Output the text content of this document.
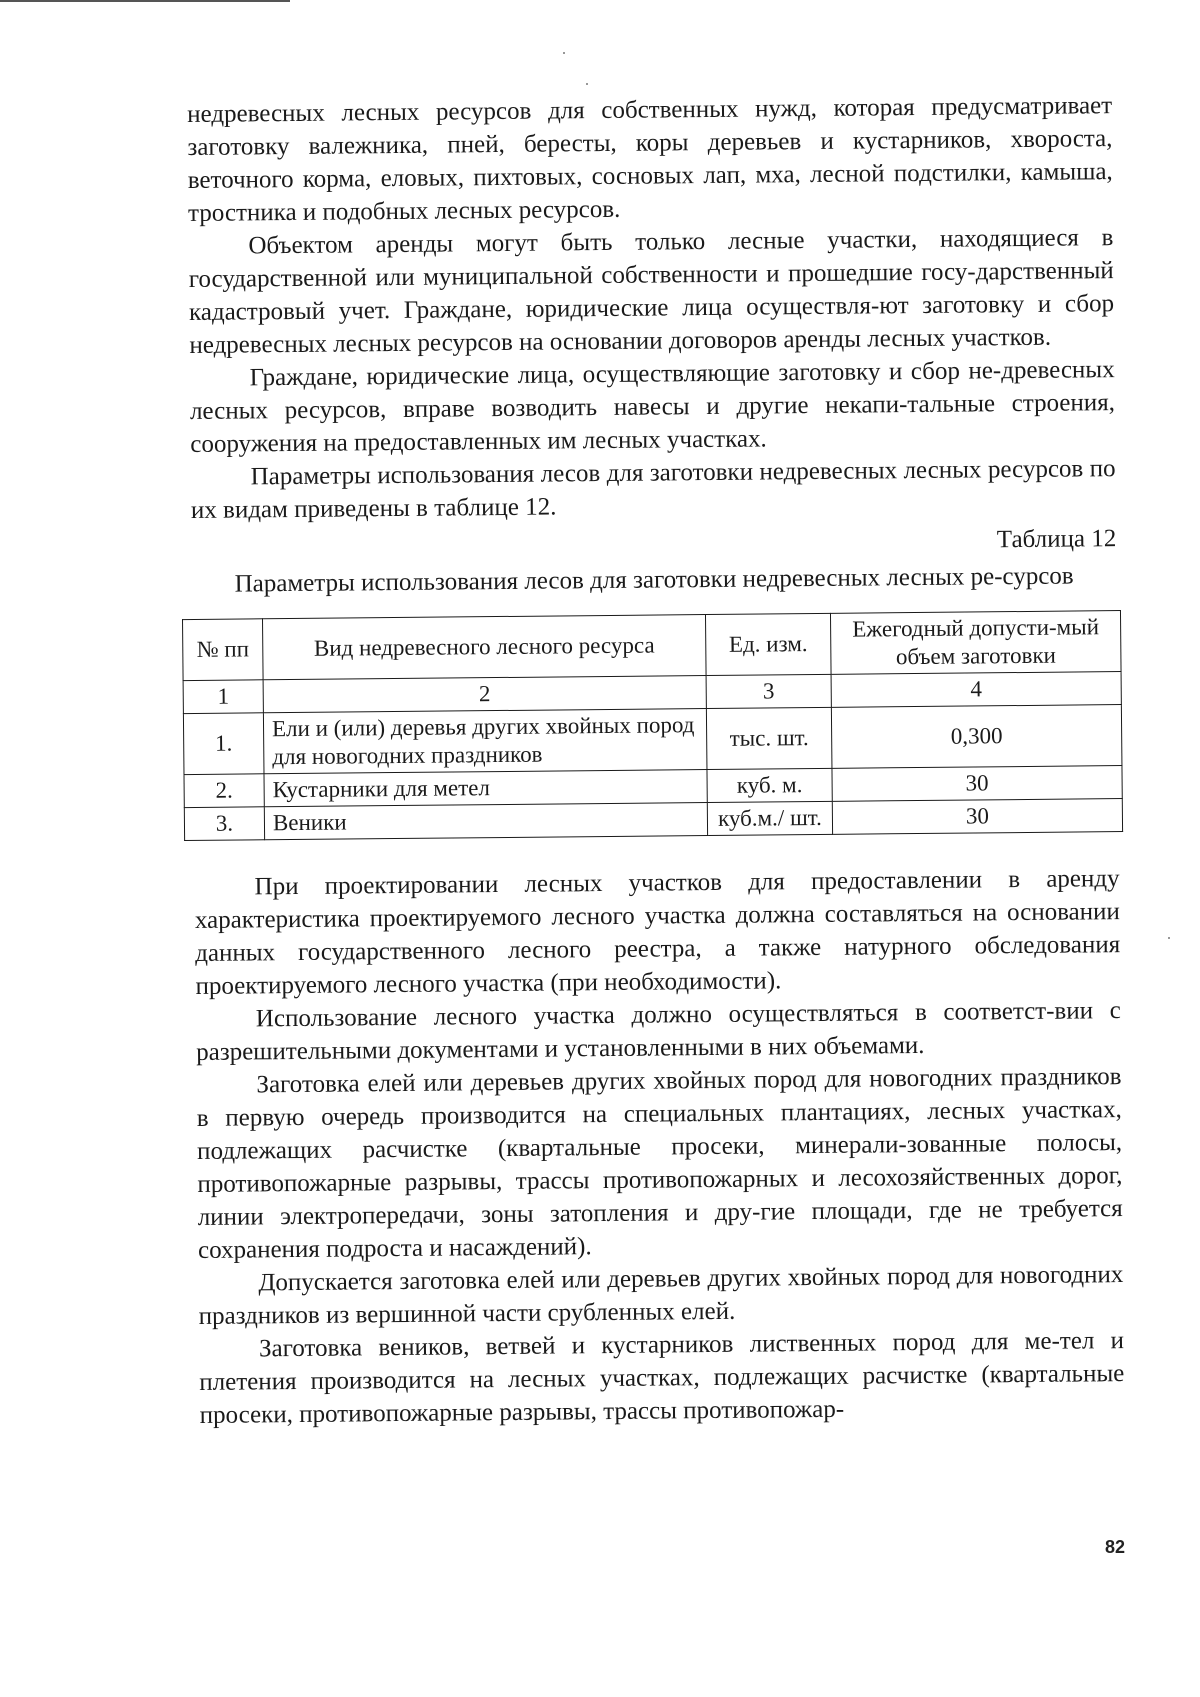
недревесных лесных ресурсов для собственных нужд, которая предусматривает заготовку валежника, пней, бересты, коры деревьев и кустарников, хвороста, веточного корма, еловых, пихтовых, сосновых лап, мха, лесной подстилки, камыша, тростника и подобных лесных ресурсов.

Объектом аренды могут быть только лесные участки, находящиеся в государственной или муниципальной собственности и прошедшие госу-дарственный кадастровый учет. Граждане, юридические лица осуществля-ют заготовку и сбор недревесных лесных ресурсов на основании договоров аренды лесных участков.

Граждане, юридические лица, осуществляющие заготовку и сбор не-древесных лесных ресурсов, вправе возводить навесы и другие некапи-тальные строения, сооружения на предоставленных им лесных участках.

Параметры использования лесов для заготовки недревесных лесных ресурсов по их видам приведены в таблице 12.

Таблица 12
Параметры использования лесов для заготовки недревесных лесных ре-сурсов
№ пп	Вид недревесного лесного ресурса	Ед. изм.	Ежегодный допусти-мый объем заготовки
1	2	3	4
1.	Ели и (или) деревья других хвойных пород для новогодних праздников	тыс. шт.	0,300
2.	Кустарники для метел	куб. м.	30
3.	Веники	куб.м./ шт.	30

При проектировании лесных участков для предоставлении в аренду характеристика проектируемого лесного участка должна составляться на основании данных государственного лесного реестра, а также натурного обследования проектируемого лесного участка (при необходимости).

Использование лесного участка должно осуществляться в соответст-вии с разрешительными документами и установленными в них объемами.

Заготовка елей или деревьев других хвойных пород для новогодних праздников в первую очередь производится на специальных плантациях, лесных участках, подлежащих расчистке (квартальные просеки, минерали-зованные полосы, противопожарные разрывы, трассы противопожарных и лесохозяйственных дорог, линии электропередачи, зоны затопления и дру-гие площади, где не требуется сохранения подроста и насаждений).

Допускается заготовка елей или деревьев других хвойных пород для новогодних праздников из вершинной части срубленных елей.

Заготовка веников, ветвей и кустарников лиственных пород для ме-тел и плетения производится на лесных участках, подлежащих расчистке (квартальные просеки, противопожарные разрывы, трассы противопожар-

82
